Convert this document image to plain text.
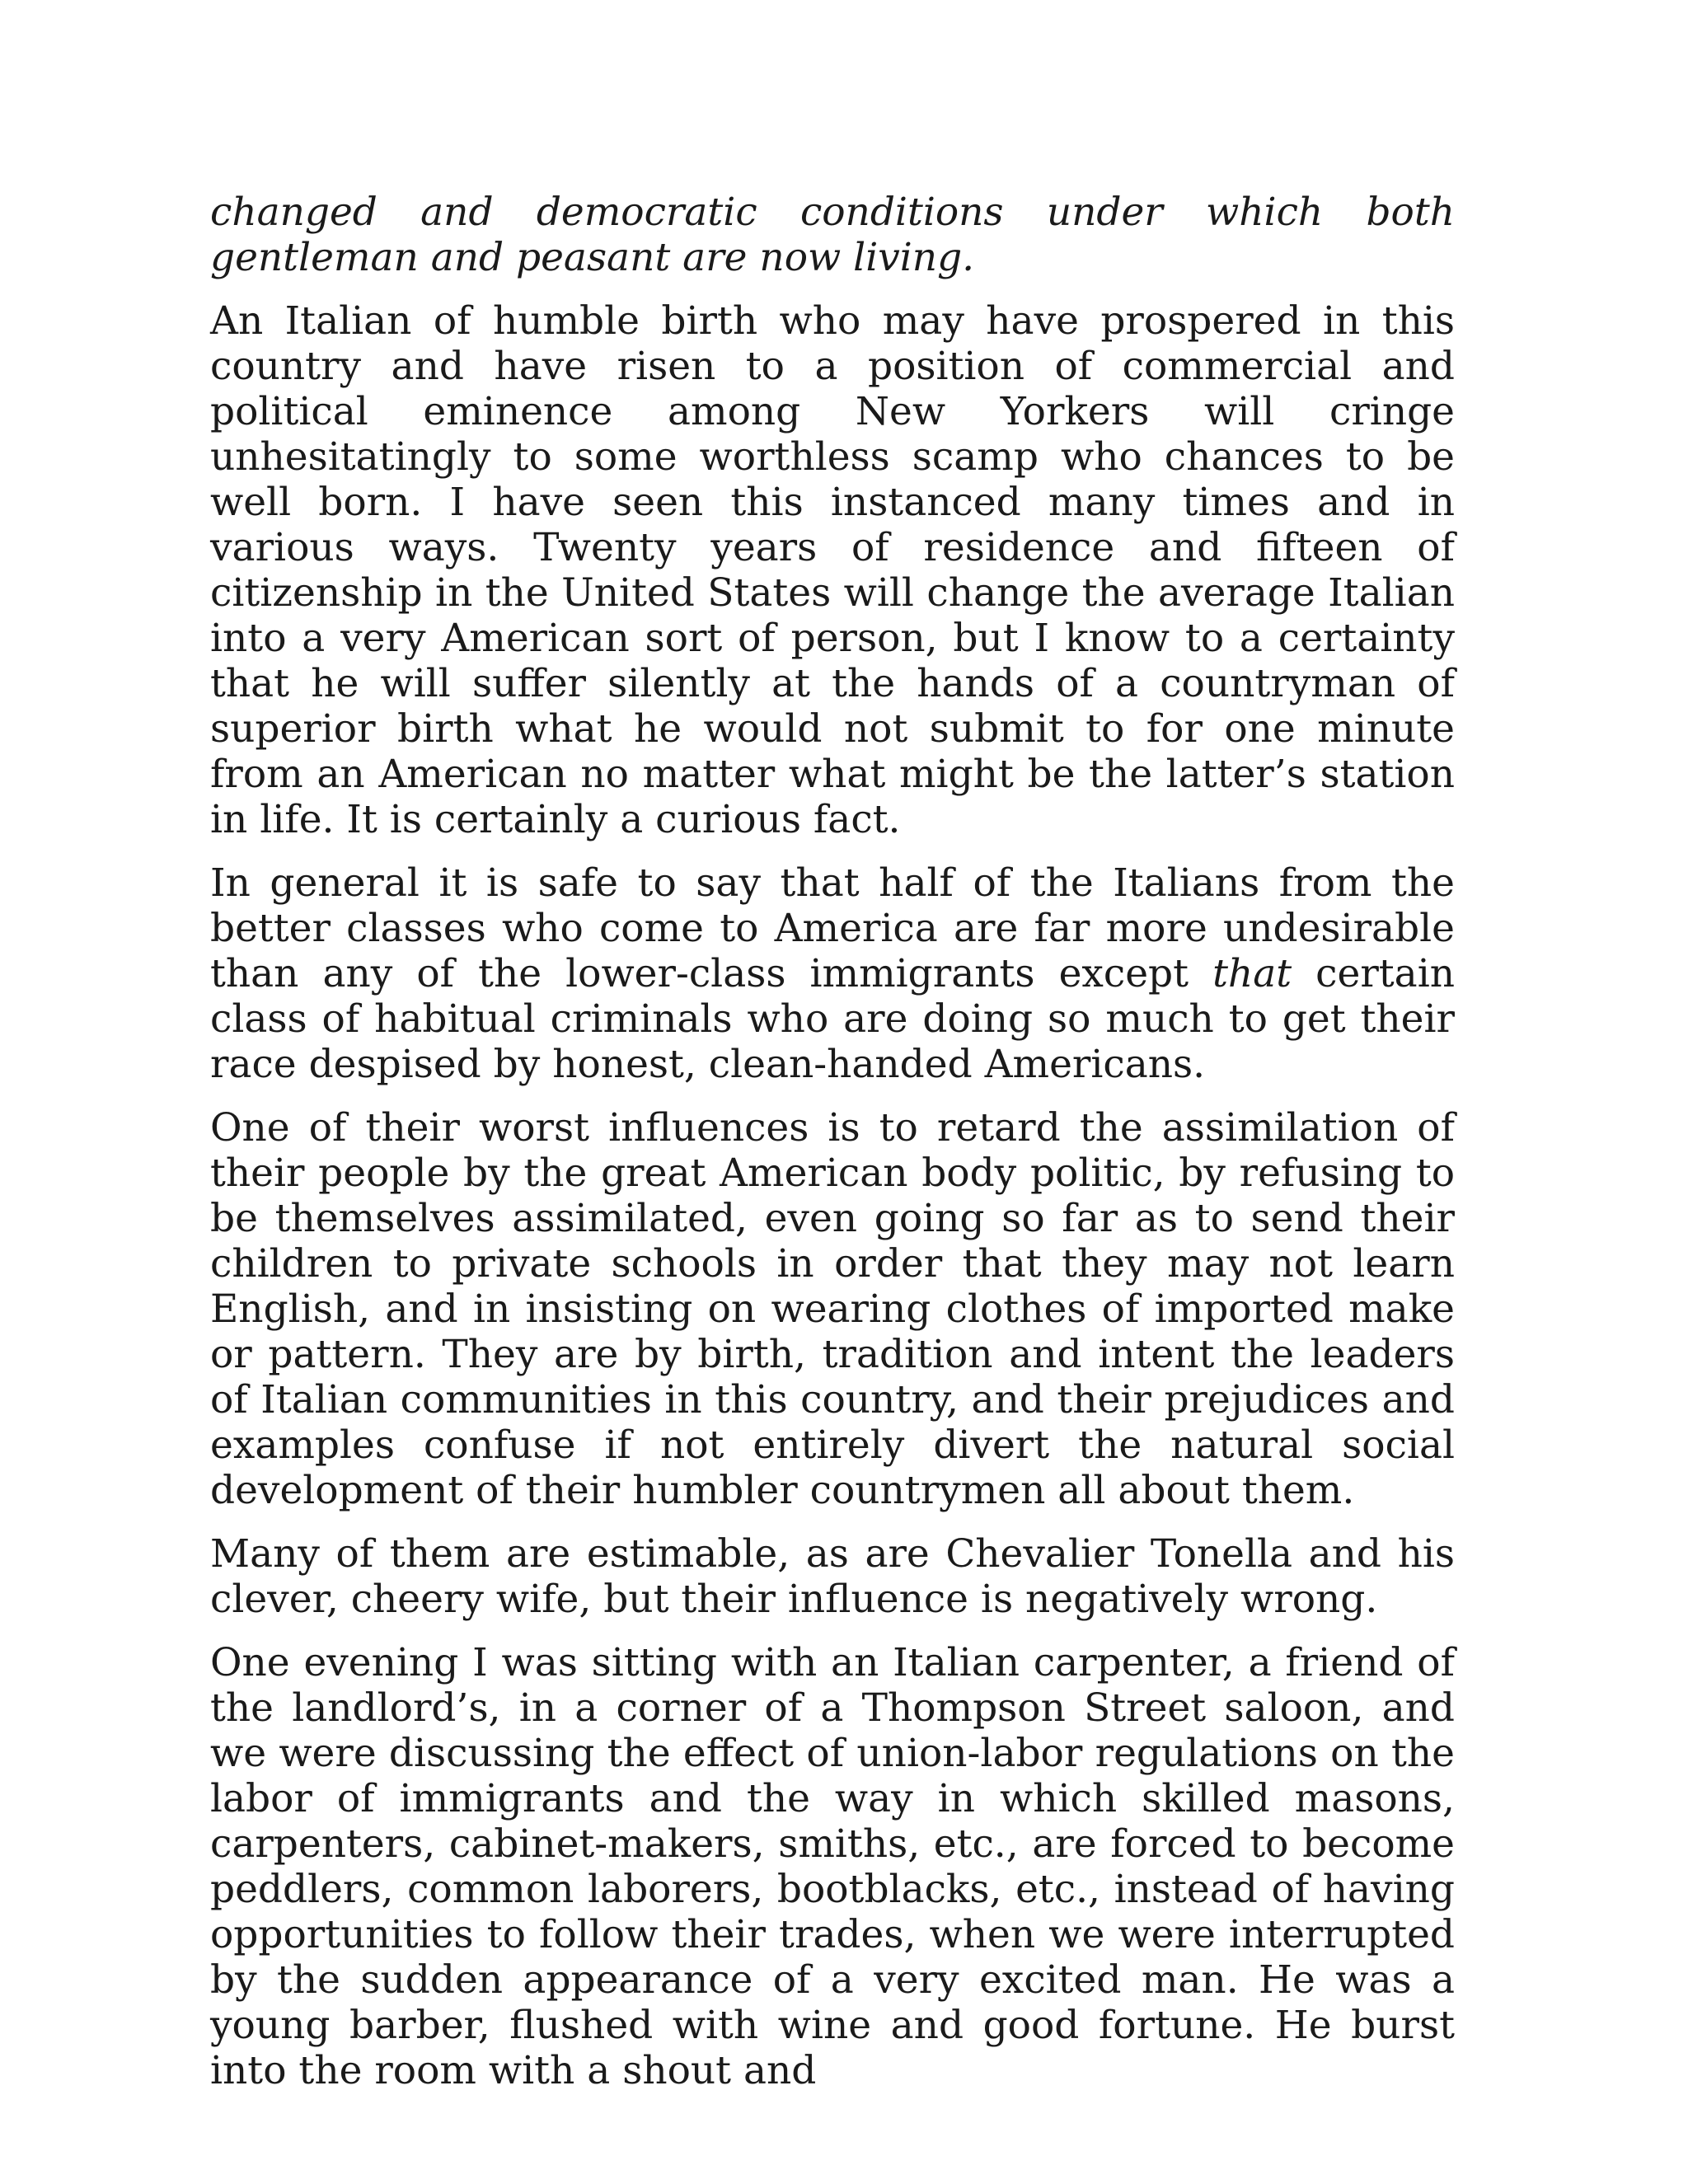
changed and democratic conditions under which both gentleman and peasant are now living.

An Italian of humble birth who may have prospered in this country and have risen to a position of commercial and political eminence among New Yorkers will cringe unhesitatingly to some worthless scamp who chances to be well born. I have seen this instanced many times and in various ways. Twenty years of residence and fifteen of citizenship in the United States will change the average Italian into a very American sort of person, but I know to a certainty that he will suffer silently at the hands of a countryman of superior birth what he would not submit to for one minute from an American no matter what might be the latter’s station in life. It is certainly a curious fact.

In general it is safe to say that half of the Italians from the better classes who come to America are far more undesirable than any of the lower-class immigrants except that certain class of habitual criminals who are doing so much to get their race despised by honest, clean-handed Americans.

One of their worst influences is to retard the assimilation of their people by the great American body politic, by refusing to be themselves assimilated, even going so far as to send their children to private schools in order that they may not learn English, and in insisting on wearing clothes of imported make or pattern. They are by birth, tradition and intent the leaders of Italian communities in this country, and their prejudices and examples confuse if not entirely divert the natural social development of their humbler countrymen all about them.

Many of them are estimable, as are Chevalier Tonella and his clever, cheery wife, but their influence is negatively wrong.

One evening I was sitting with an Italian carpenter, a friend of the landlord’s, in a corner of a Thompson Street saloon, and we were discussing the effect of union-labor regulations on the labor of immigrants and the way in which skilled masons, carpenters, cabinet-makers, smiths, etc., are forced to become peddlers, common laborers, bootblacks, etc., instead of having opportunities to follow their trades, when we were interrupted by the sudden appearance of a very excited man. He was a young barber, flushed with wine and good fortune. He burst into the room with a shout and
